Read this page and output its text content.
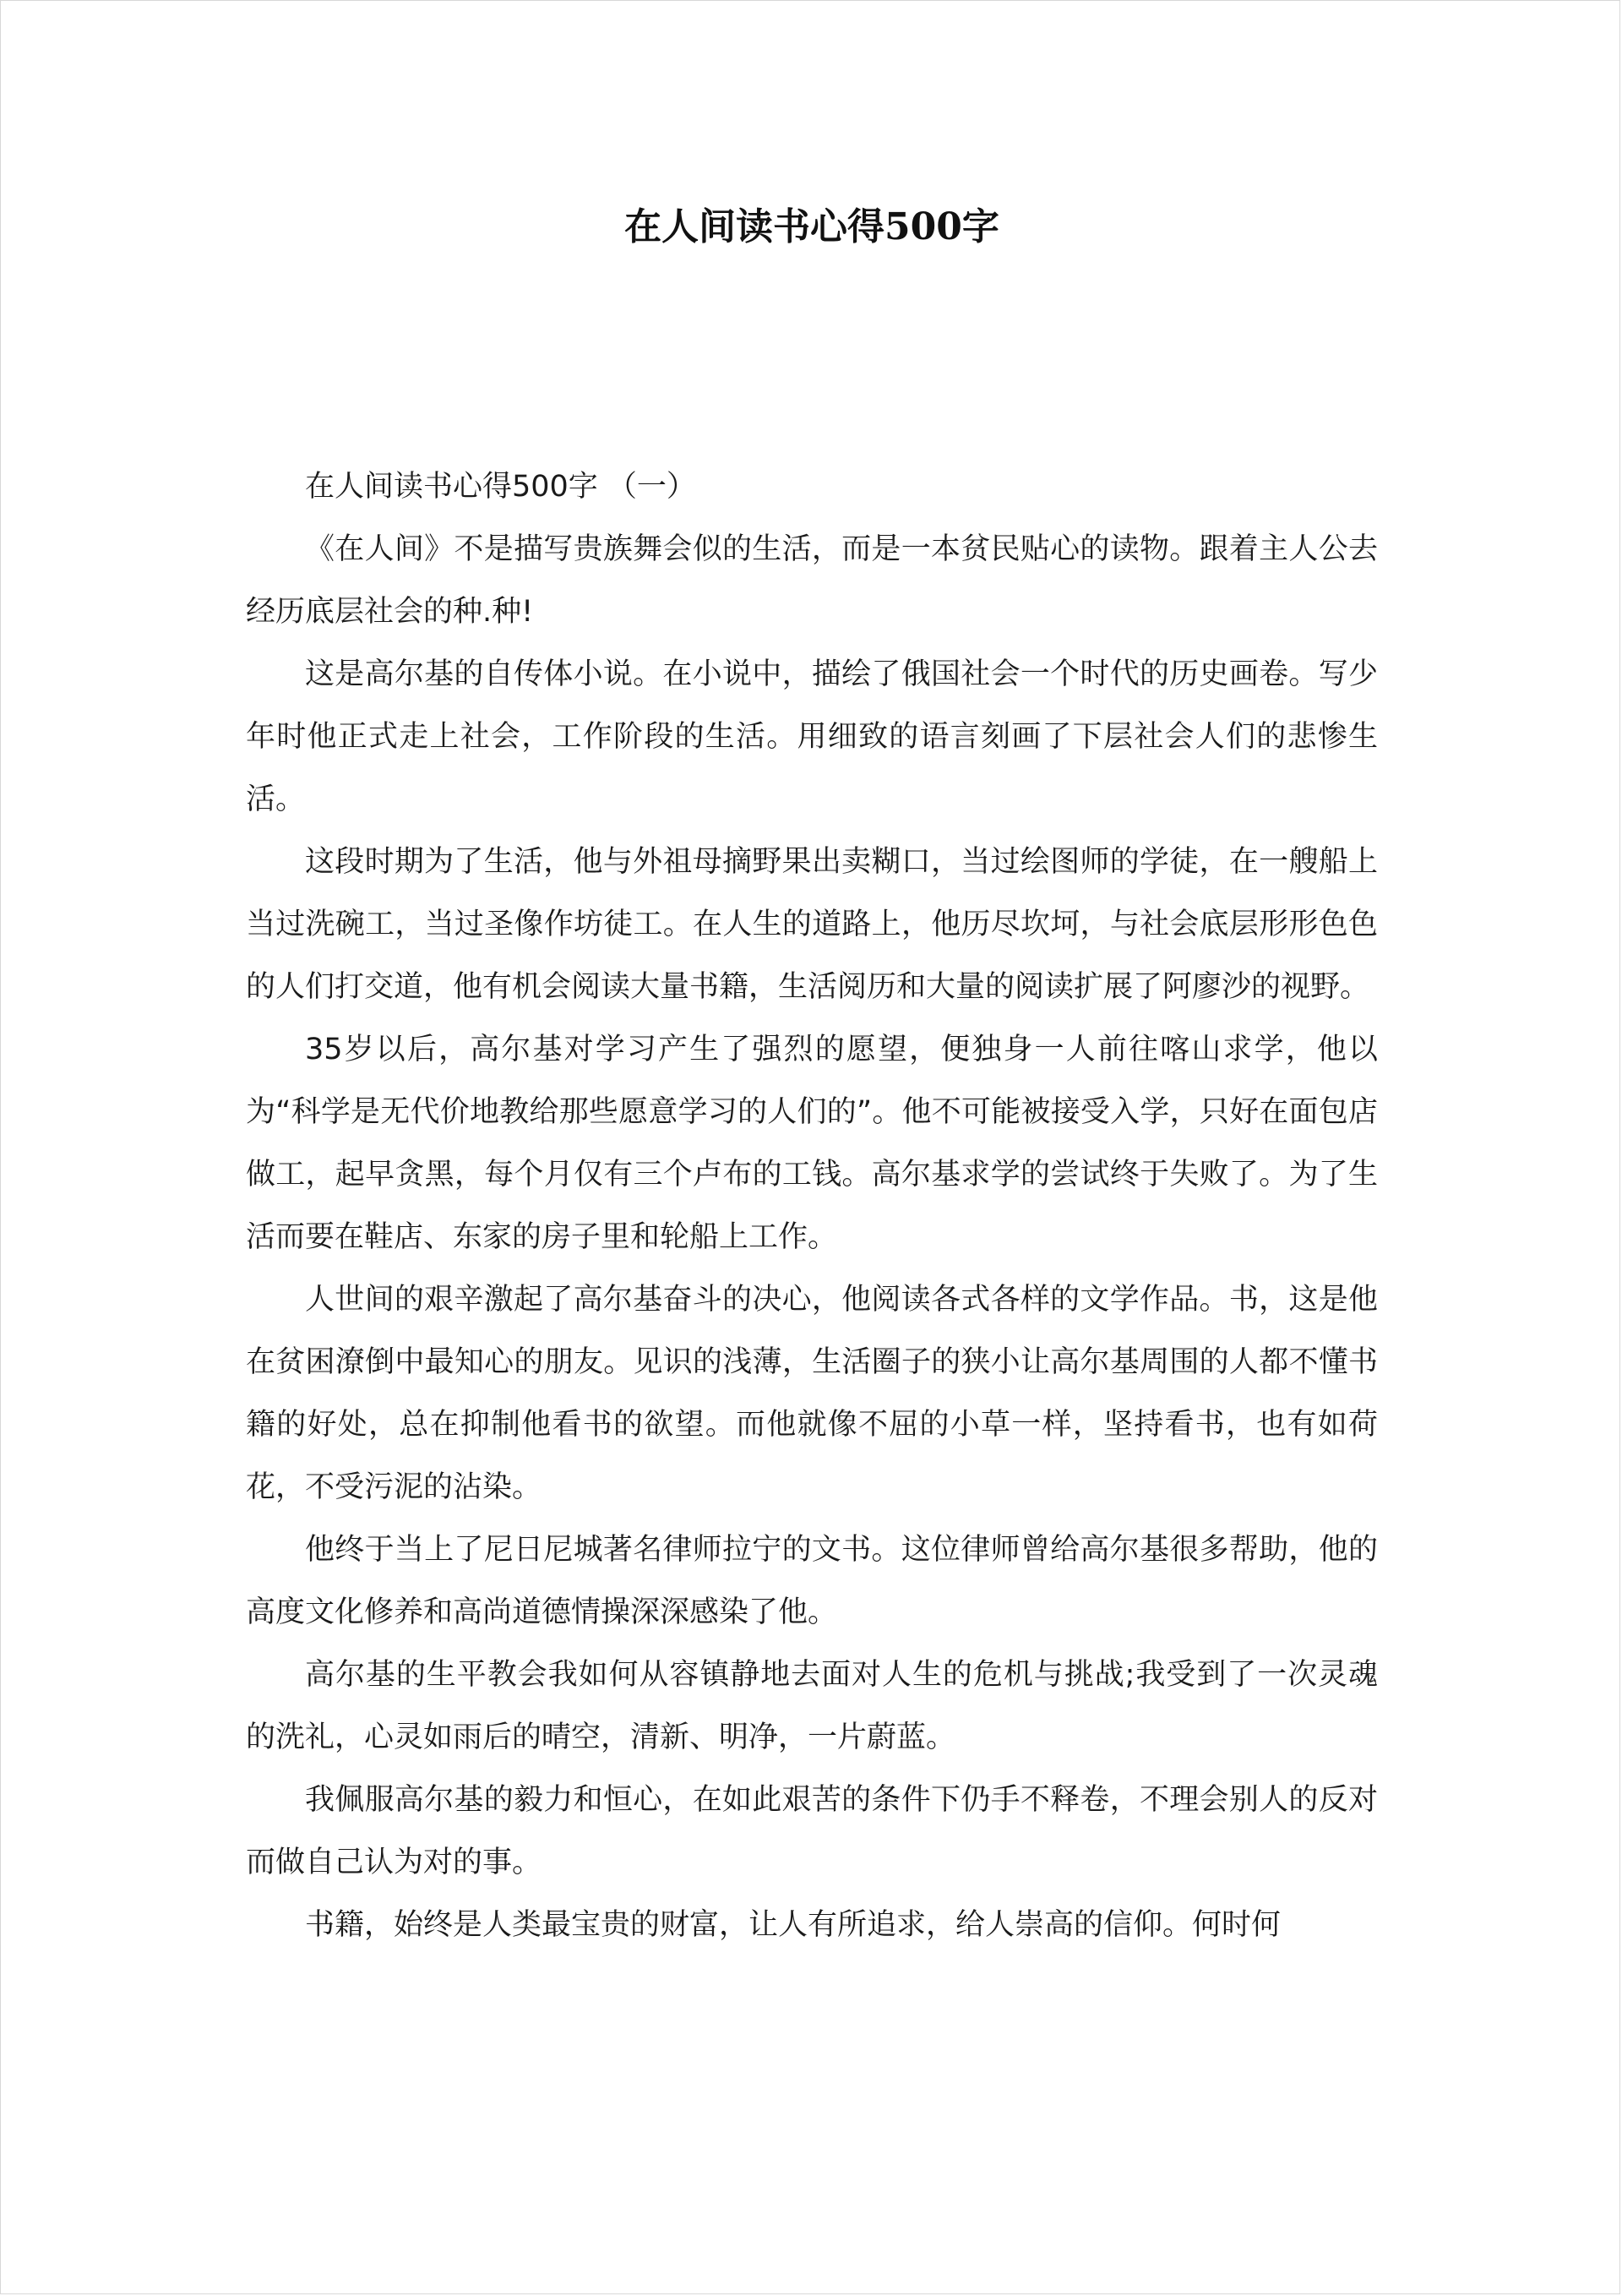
在人间读书心得500字

在人间读书心得500字 （一）

《在人间》不是描写贵族舞会似的生活，而是一本贫民贴心的读物。跟着主人公去经历底层社会的种.种!

这是高尔基的自传体小说。在小说中，描绘了俄国社会一个时代的历史画卷。写少年时他正式走上社会，工作阶段的生活。用细致的语言刻画了下层社会人们的悲惨生活。

这段时期为了生活，他与外祖母摘野果出卖糊口，当过绘图师的学徒，在一艘船上当过洗碗工，当过圣像作坊徒工。在人生的道路上，他历尽坎坷，与社会底层形形色色的人们打交道，他有机会阅读大量书籍，生活阅历和大量的阅读扩展了阿廖沙的视野。

35岁以后，高尔基对学习产生了强烈的愿望，便独身一人前往喀山求学，他以为“科学是无代价地教给那些愿意学习的人们的”。他不可能被接受入学，只好在面包店做工，起早贪黑，每个月仅有三个卢布的工钱。高尔基求学的尝试终于失败了。为了生活而要在鞋店、东家的房子里和轮船上工作。

人世间的艰辛激起了高尔基奋斗的决心，他阅读各式各样的文学作品。书，这是他在贫困潦倒中最知心的朋友。见识的浅薄，生活圈子的狭小让高尔基周围的人都不懂书籍的好处，总在抑制他看书的欲望。而他就像不屈的小草一样，坚持看书，也有如荷花，不受污泥的沾染。

他终于当上了尼日尼城著名律师拉宁的文书。这位律师曾给高尔基很多帮助，他的高度文化修养和高尚道德情操深深感染了他。

高尔基的生平教会我如何从容镇静地去面对人生的危机与挑战;我受到了一次灵魂的洗礼，心灵如雨后的晴空，清新、明净，一片蔚蓝。

我佩服高尔基的毅力和恒心，在如此艰苦的条件下仍手不释卷，不理会别人的反对而做自己认为对的事。

书籍，始终是人类最宝贵的财富，让人有所追求，给人崇高的信仰。何时何
